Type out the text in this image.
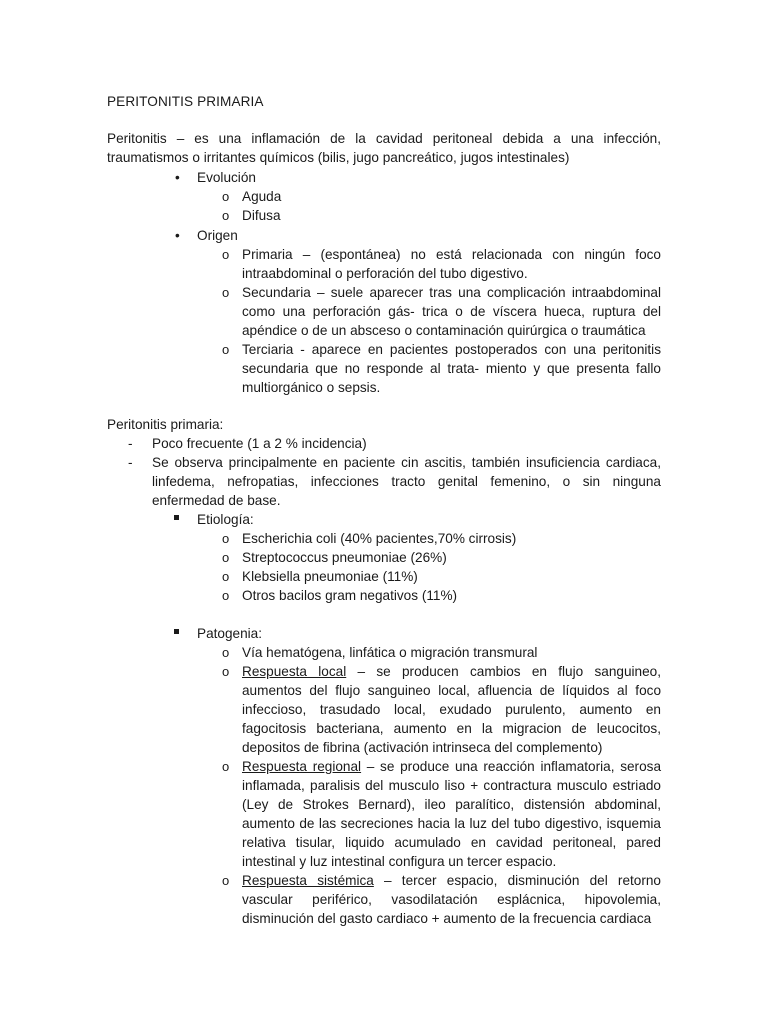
PERITONITIS PRIMARIA
Peritonitis – es una inflamación de la cavidad peritoneal debida a una infección, traumatismos o irritantes químicos (bilis, jugo pancreático, jugos intestinales)
• Evolución
o Aguda
o Difusa
• Origen
o Primaria – (espontánea) no está relacionada con ningún foco intraabdominal o perforación del tubo digestivo.
o Secundaria – suele aparecer tras una complicación intraabdominal como una perforación gás- trica o de víscera hueca, ruptura del apéndice o de un absceso o contaminación quirúrgica o traumática
o Terciaria - aparece en pacientes postoperados con una peritonitis secundaria que no responde al trata- miento y que presenta fallo multiorgánico o sepsis.
Peritonitis primaria:
- Poco frecuente (1 a 2 % incidencia)
- Se observa principalmente en paciente cin ascitis, también insuficiencia cardiaca, linfedema, nefropatias, infecciones tracto genital femenino, o sin ninguna enfermedad de base.
Etiología:
o Escherichia coli (40% pacientes,70% cirrosis)
o Streptococcus pneumoniae (26%)
o Klebsiella pneumoniae (11%)
o Otros bacilos gram negativos (11%)
Patogenia:
o Vía hematógena, linfática o migración transmural
o Respuesta local – se producen cambios en flujo sanguineo, aumentos del flujo sanguineo local, afluencia de líquidos al foco infeccioso, trasudado local, exudado purulento, aumento en fagocitosis bacteriana, aumento en la migracion de leucocitos, depositos de fibrina (activación intrinseca del complemento)
o Respuesta regional – se produce una reacción inflamatoria, serosa inflamada, paralisis del musculo liso + contractura musculo estriado (Ley de Strokes Bernard), ileo paralítico, distensión abdominal, aumento de las secreciones hacia la luz del tubo digestivo, isquemia relativa tisular, liquido acumulado en cavidad peritoneal, pared intestinal y luz intestinal configura un tercer espacio.
o Respuesta sistémica – tercer espacio, disminución del retorno vascular periférico, vasodilatación esplácnica, hipovolemia, disminución del gasto cardiaco + aumento de la frecuencia cardiaca
